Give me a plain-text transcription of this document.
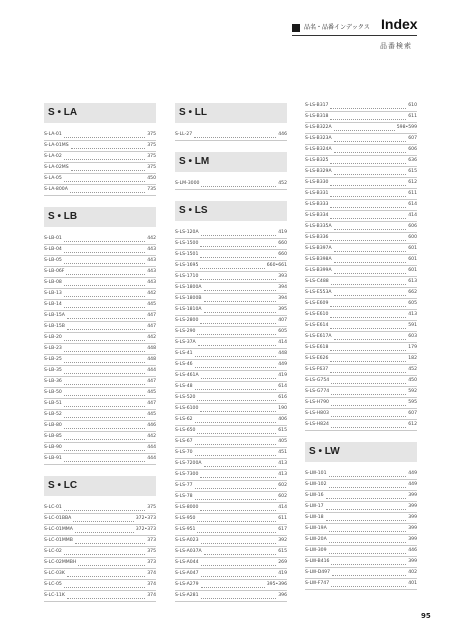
品名・品番インデックス Index
品番検索
S • LA
S-LA-01	375
S-LA-01MS	375
S-LA-02	375
S-LA-02MS	375
S-LA-05	450
S-LA-800A	735
S • LB
S-LB-01	442
S-LB-04	443
S-LB-05	443
S-LB-06F	443
S-LB-08	443
S-LB-13	442
S-LB-14	445
S-LB-15A	447
S-LB-15B	447
S-LB-20	442
S-LB-23	448
S-LB-25	448
S-LB-35	444
S-LB-36	447
S-LB-50	445
S-LB-51	447
S-LB-52	445
S-LB-80	446
S-LB-85	442
S-LB-90	444
S-LB-91	444
S • LC
S-LC-01	375
S-LC-01BBA	372•373
S-LC-01MMA	372•373
S-LC-01MMB	373
S-LC-02	375
S-LC-02MMBH	373
S-LC-03K	374
S-LC-05	374
S-LC-11K	374
S • LL
S-LL-27	446
S • LM
S-LM-3000	452
S • LS
S-LS-120A	419
S-LS-1500	660
S-LS-1501	660
S-LS-1695	660•661
S-LS-1710	393
S-LS-1800A	394
S-LS-1800B	394
S-LS-1810A	395
S-LS-2800	407
S-LS-290	605
S-LS-37A	414
S-LS-41	448
S-LS-46	449
S-LS-461A	419
S-LS-48	614
S-LS-520	616
S-LS-6100	190
S-LS-62	406
S-LS-650	615
S-LS-67	405
S-LS-70	451
S-LS-7200A	413
S-LS-7300	413
S-LS-77	602
S-LS-78	602
S-LS-8000	414
S-LS-950	611
S-LS-951	617
S-LS-A023	392
S-LS-A037A	615
S-LS-A044	269
S-LS-A047	419
S-LS-A279	395•396
S-LS-A281	396
S-LS-B317	610
S-LS-B318	611
S-LS-B322A	598•599
S-LS-B323A	607
S-LS-B324A	606
S-LS-B325	636
S-LS-B329A	615
S-LS-B330	612
S-LS-B331	611
S-LS-B333	614
S-LS-B334	414
S-LS-B335A	606
S-LS-B336	600
S-LS-B397A	601
S-LS-B398A	601
S-LS-B399A	601
S-LS-C488	613
S-LS-E553A	662
S-LS-E609	605
S-LS-E610	413
S-LS-E614	591
S-LS-E617A	603
S-LS-E618	179
S-LS-E626	182
S-LS-F637	452
S-LS-G754	450
S-LS-G774	592
S-LS-H790	595
S-LS-H803	607
S-LS-H824	612
S • LW
S-LW-101	449
S-LW-102	449
S-LW-16	399
S-LW-17	399
S-LW-18	399
S-LW-19A	399
S-LW-20A	399
S-LW-309	446
S-LW-B416	399
S-LW-D497	402
S-LW-F747	401
95
